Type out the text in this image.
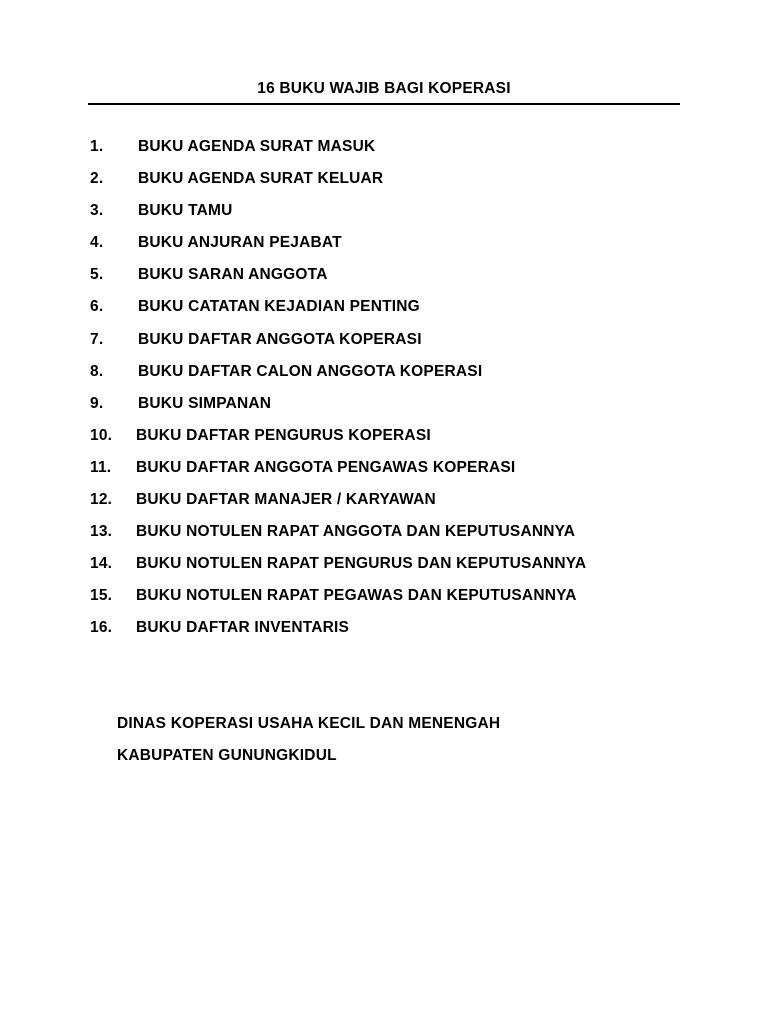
16 BUKU WAJIB BAGI KOPERASI
1. BUKU AGENDA SURAT MASUK
2. BUKU AGENDA SURAT KELUAR
3. BUKU TAMU
4. BUKU ANJURAN PEJABAT
5. BUKU SARAN ANGGOTA
6. BUKU CATATAN KEJADIAN PENTING
7. BUKU DAFTAR ANGGOTA KOPERASI
8. BUKU DAFTAR CALON ANGGOTA KOPERASI
9. BUKU SIMPANAN
10. BUKU DAFTAR PENGURUS KOPERASI
11. BUKU DAFTAR ANGGOTA PENGAWAS KOPERASI
12. BUKU DAFTAR MANAJER / KARYAWAN
13. BUKU NOTULEN RAPAT ANGGOTA DAN KEPUTUSANNYA
14. BUKU NOTULEN RAPAT PENGURUS DAN KEPUTUSANNYA
15. BUKU NOTULEN RAPAT PEGAWAS DAN KEPUTUSANNYA
16. BUKU DAFTAR INVENTARIS
DINAS KOPERASI USAHA KECIL DAN MENENGAH
KABUPATEN GUNUNGKIDUL
